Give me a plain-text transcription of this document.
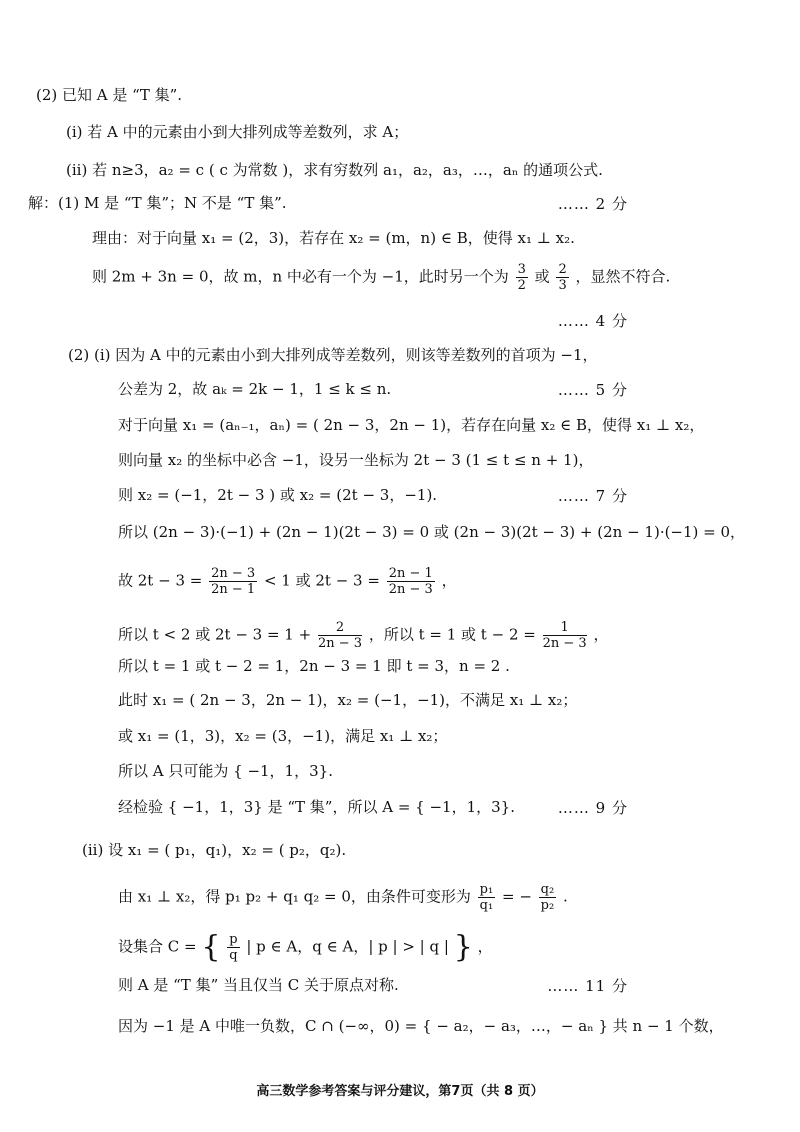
(2) 已知 A 是 “T 集”.
(i) 若 A 中的元素由小到大排列成等差数列，求 A；
(ii) 若 n≥3，a₂ = c ( c 为常数 )，求有穷数列 a₁，a₂，a₃，…，aₙ 的通项公式.
解：(1) M 是 “T 集”；N 不是 “T 集”.	…… 2 分
理由：对于向量 x₁ = (2，3)，若存在 x₂ = (m，n) ∈ B，使得 x₁ ⊥ x₂.
则 2m + 3n = 0，故 m，n 中必有一个为 −1，此时另一个为 $\frac{3}{2}$ 或 $\frac{2}{3}$ ，显然不符合.
…… 4 分
(2) (i) 因为 A 中的元素由小到大排列成等差数列，则该等差数列的首项为 −1，
公差为 2，故 aₖ = 2k − 1，1 ≤ k ≤ n.	…… 5 分
对于向量 x₁ = (aₙ₋₁，aₙ) = ( 2n − 3，2n − 1)，若存在向量 x₂ ∈ B，使得 x₁ ⊥ x₂，
则向量 x₂ 的坐标中必含 −1，设另一坐标为 2t − 3 (1 ≤ t ≤ n + 1)，
则 x₂ = (−1，2t − 3 ) 或 x₂ = (2t − 3，−1).	…… 7 分
所以 (2n − 3)·(−1) + (2n − 1)(2t − 3) = 0 或 (2n − 3)(2t − 3) + (2n − 1)·(−1) = 0，
故 $2t - 3 = \frac{2n - 3}{2n - 1} < 1$ 或 $2t - 3 = \frac{2n - 1}{2n - 3}$ ，
所以 t < 2 或 $2t - 3 = 1 + \frac{2}{2n - 3}$ ，所以 t = 1 或 $t - 2 = \frac{1}{2n - 3}$ ，
所以 t = 1 或 t − 2 = 1，2n − 3 = 1 即 t = 3，n = 2 .
此时 x₁ = ( 2n − 3，2n − 1)，x₂ = (−1，−1)，不满足 x₁ ⊥ x₂；
或 x₁ = (1，3)，x₂ = (3，−1)，满足 x₁ ⊥ x₂；
所以 A 只可能为 { −1，1，3}.
经检验 { −1，1，3} 是 “T 集”，所以 A = { −1，1，3}.	…… 9 分
(ii) 设 x₁ = ( p₁，q₁)，x₂ = ( p₂，q₂).
由 x₁ ⊥ x₂，得 p₁ p₂ + q₁ q₂ = 0，由条件可变形为 $\frac{\text{p₁}}{\text{q₁}}$ = − $\frac{\text{q₂}}{\text{p₂}}$ .
设集合 C = { $\frac{p}{q}$ | p ∈ A，q ∈ A，| p | > | q | } ，
则 A 是 “T 集” 当且仅当 C 关于原点对称.	…… 11 分
因为 −1 是 A 中唯一负数，C ∩ (−∞，0) = { − a₂，− a₃，…，− aₙ } 共 n − 1 个数，
高三数学参考答案与评分建议，第7页（共 8 页）
